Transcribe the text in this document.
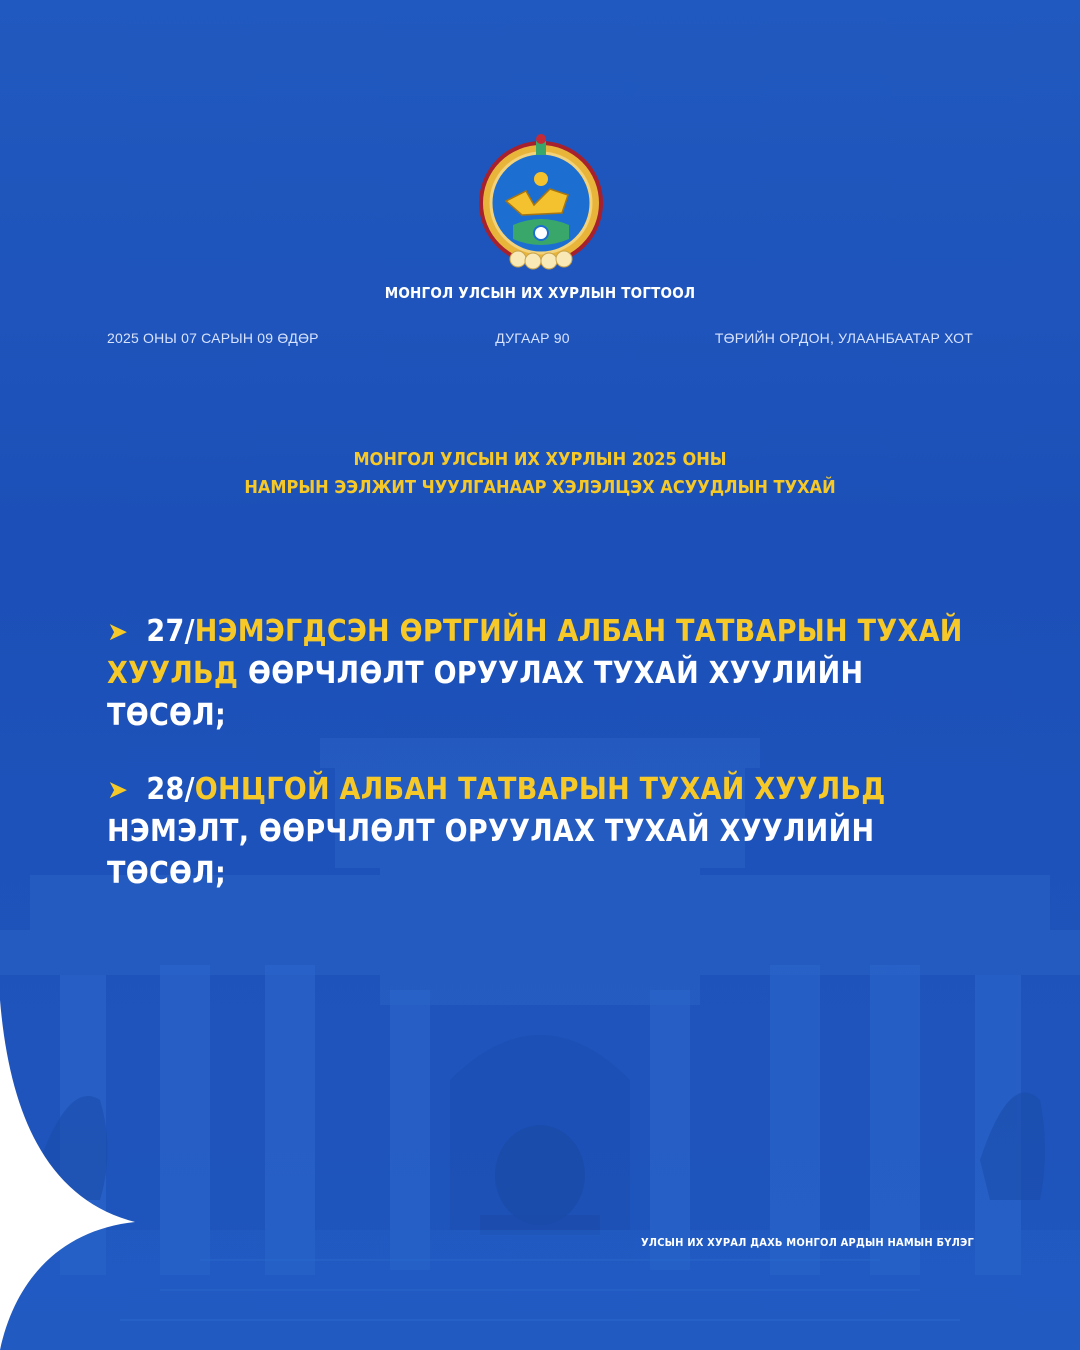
МОНГОЛ УЛСЫН ИХ ХУРЛЫН ТОГТООЛ
2025 ОНЫ 07 САРЫН 09 ӨДӨР	ДУГААР 90	ТӨРИЙН ОРДОН, УЛААНБААТАР ХОТ
МОНГОЛ УЛСЫН ИХ ХУРЛЫН 2025 ОНЫ
НАМРЫН ЭЭЛЖИТ ЧУУЛГАНААР ХЭЛЭЛЦЭХ АСУУДЛЫН ТУХАЙ
➤ 27/НЭМЭГДСЭН ӨРТГИЙН АЛБАН ТАТВАРЫН ТУХАЙ ХУУЛЬД ӨӨРЧЛӨЛТ ОРУУЛАХ ТУХАЙ ХУУЛИЙН ТӨСӨЛ;
➤ 28/ОНЦГОЙ АЛБАН ТАТВАРЫН ТУХАЙ ХУУЛЬД НЭМЭЛТ, ӨӨРЧЛӨЛТ ОРУУЛАХ ТУХАЙ ХУУЛИЙН ТӨСӨЛ;
УЛСЫН ИХ ХУРАЛ ДАХЬ МОНГОЛ АРДЫН НАМЫН БҮЛЭГ
